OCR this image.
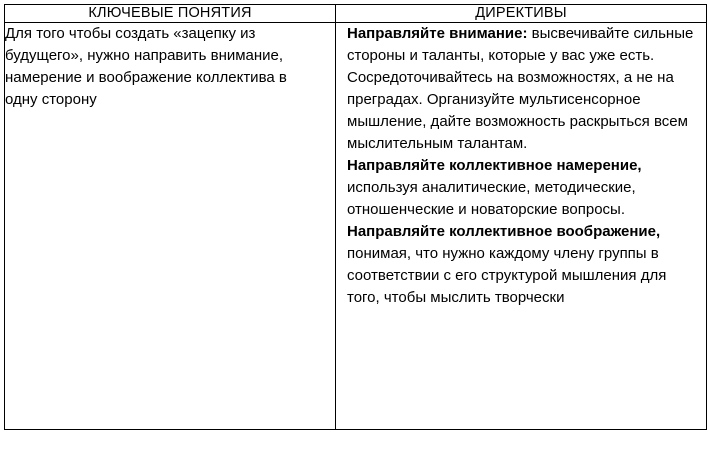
КЛЮЧЕВЫЕ ПОНЯТИЯ	ДИРЕКТИВЫ

Для того чтобы создать «зацепку из будущего», нужно направить внимание, намерение и воображение коллектива в одну сторону	Направляйте внимание: высвечивайте сильные стороны и таланты, которые у вас уже есть. Сосредоточивайтесь на возможностях, а не на преградах. Организуйте мультисенсорное мышление, дайте возможность раскрыться всем мыслительным талантам.

Направляйте коллективное намерение, используя аналитические, методические, отношенческие и новаторские вопросы.

Направляйте коллективное воображение, понимая, что нужно каждому члену группы в соответствии с его структурой мышления для того, чтобы мыслить творчески
